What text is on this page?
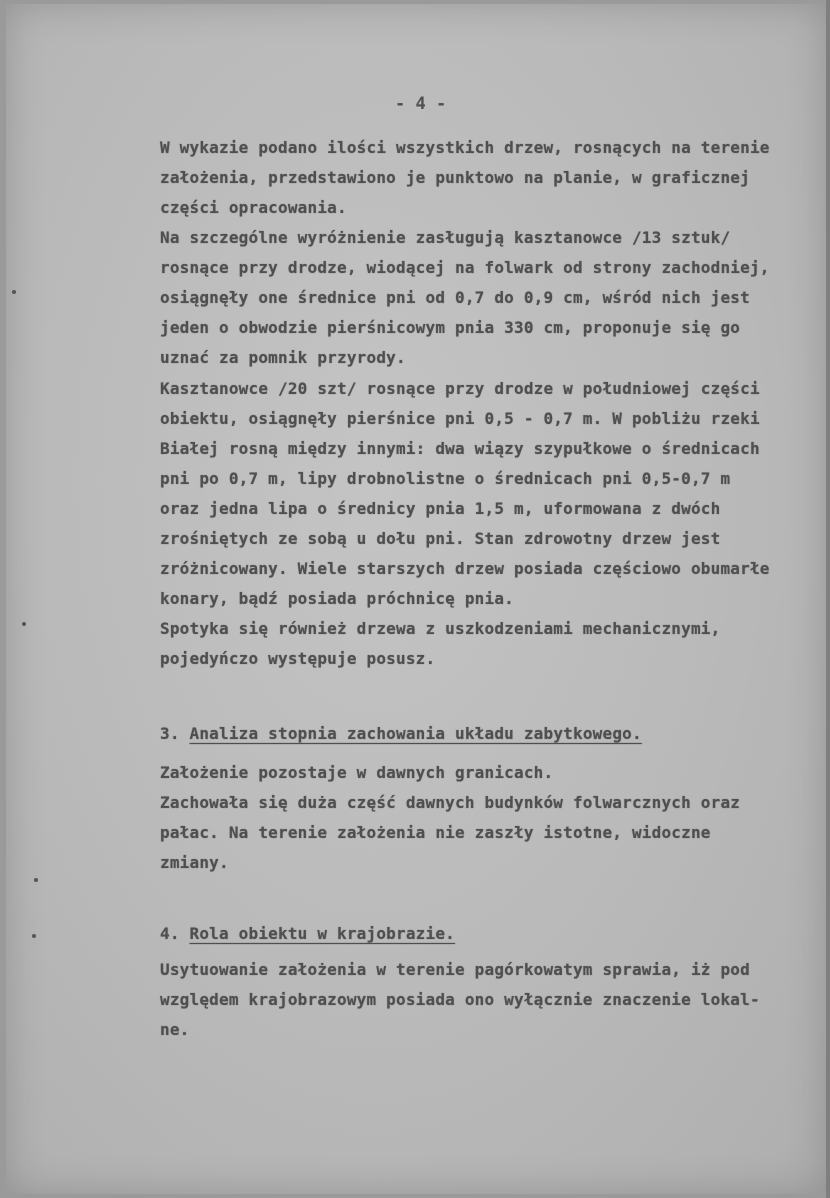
- 4 -
W wykazie podano ilości wszystkich drzew, rosnących na terenie
założenia, przedstawiono je punktowo na planie, w graficznej
części opracowania.
Na szczególne wyróżnienie zasługują kasztanowce /13 sztuk/
rosnące przy drodze, wiodącej na folwark od strony zachodniej,
osiągnęły one średnice pni od 0,7 do 0,9 cm, wśród nich jest
jeden o obwodzie pierśnicowym pnia 330 cm, proponuje się go
uznać za pomnik przyrody.
Kasztanowce /20 szt/ rosnące przy drodze w południowej części
obiektu, osiągnęły pierśnice pni 0,5 - 0,7 m. W pobliżu rzeki
Białej rosną między innymi: dwa wiązy szypułkowe o średnicach
pni po 0,7 m, lipy drobnolistne o średnicach pni 0,5-0,7 m
oraz jedna lipa o średnicy pnia 1,5 m, uformowana z dwóch
zrośniętych ze sobą u dołu pni. Stan zdrowotny drzew jest
zróżnicowany. Wiele starszych drzew posiada częściowo obumarłe
konary, bądź posiada próchnicę pnia.
Spotyka się również drzewa z uszkodzeniami mechanicznymi,
pojedyńczo występuje posusz.
3. Analiza stopnia zachowania układu zabytkowego.
Założenie pozostaje w dawnych granicach.
Zachowała się duża część dawnych budynków folwarcznych oraz
pałac. Na terenie założenia nie zaszły istotne, widoczne
zmiany.
4. Rola obiektu w krajobrazie.
Usytuowanie założenia w terenie pagórkowatym sprawia, iż pod
względem krajobrazowym posiada ono wyłącznie znaczenie lokal-
ne.
